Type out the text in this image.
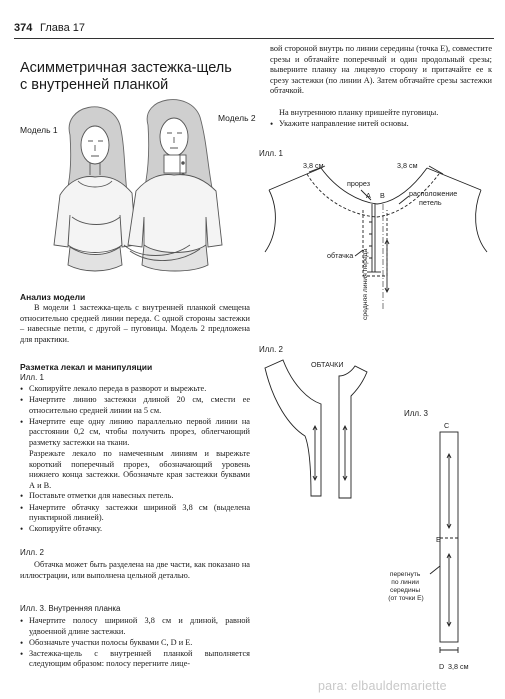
374 Глава 17
Асимметричная застежка-щель
с внутренней планкой
Модель 1
Модель 2
Анализ модели
В модели 1 застежка-щель с внутренней планкой смещена относительно средней линии переда. С одной стороны застежки – навесные петли, с другой – пуговицы. Модель 2 предложена для практики.
Разметка лекал и манипуляции
Илл. 1
• Скопируйте лекало переда в разворот и вырежьте.
• Начертите линию застежки длиной 20 см, смести ее относительно средней линии на 5 см.
• Начертите еще одну линию параллельно первой линии на расстоянии 0,2 см, чтобы получить прорез, облегчающий разметку застежки на ткани.
Разрежьте лекало по намеченным линиям и вырежьте короткий поперечный прорез, обозначающий уровень нижнего конца застежки. Обозначьте края застежки буквами А и В.
• Поставьте отметки для навесных петель.
• Начертите обтачку застежки шириной 3,8 см (выделена пунктирной линией).
• Скопируйте обтачку.
Илл. 2
Обтачка может быть разделена на две части, как показано на иллюстрации, или выполнена цельной деталью.
Илл. 3. Внутренняя планка
• Начертите полосу шириной 3,8 см и длиной, равной удвоенной длине застежки.
• Обозначьте участки полосы буквами C, D и E.
• Застежка-щель с внутренней планкой выполняется следующим образом: полосу перегните лице-
вой стороной внутрь по линии середины (точка Е), совместите срезы и обтачайте поперечный и один продольный срезы; выверните планку на лицевую сторону и притачайте ее к срезу застежки (по линии А). Затем обтачайте срезы застежки обтачкой.
На внутреннюю планку пришейте пуговицы.
• Укажите направление нитей основы.
Илл. 1
3,8 см	3,8 см
прорез
A B	расположение петель
обтачка средняя линия переда
Илл. 2
ОБТАЧКИ
Илл. 3
C
E
D 3,8 см
перегнуть по линии середины (от точки E)
para: elbauldemariette
